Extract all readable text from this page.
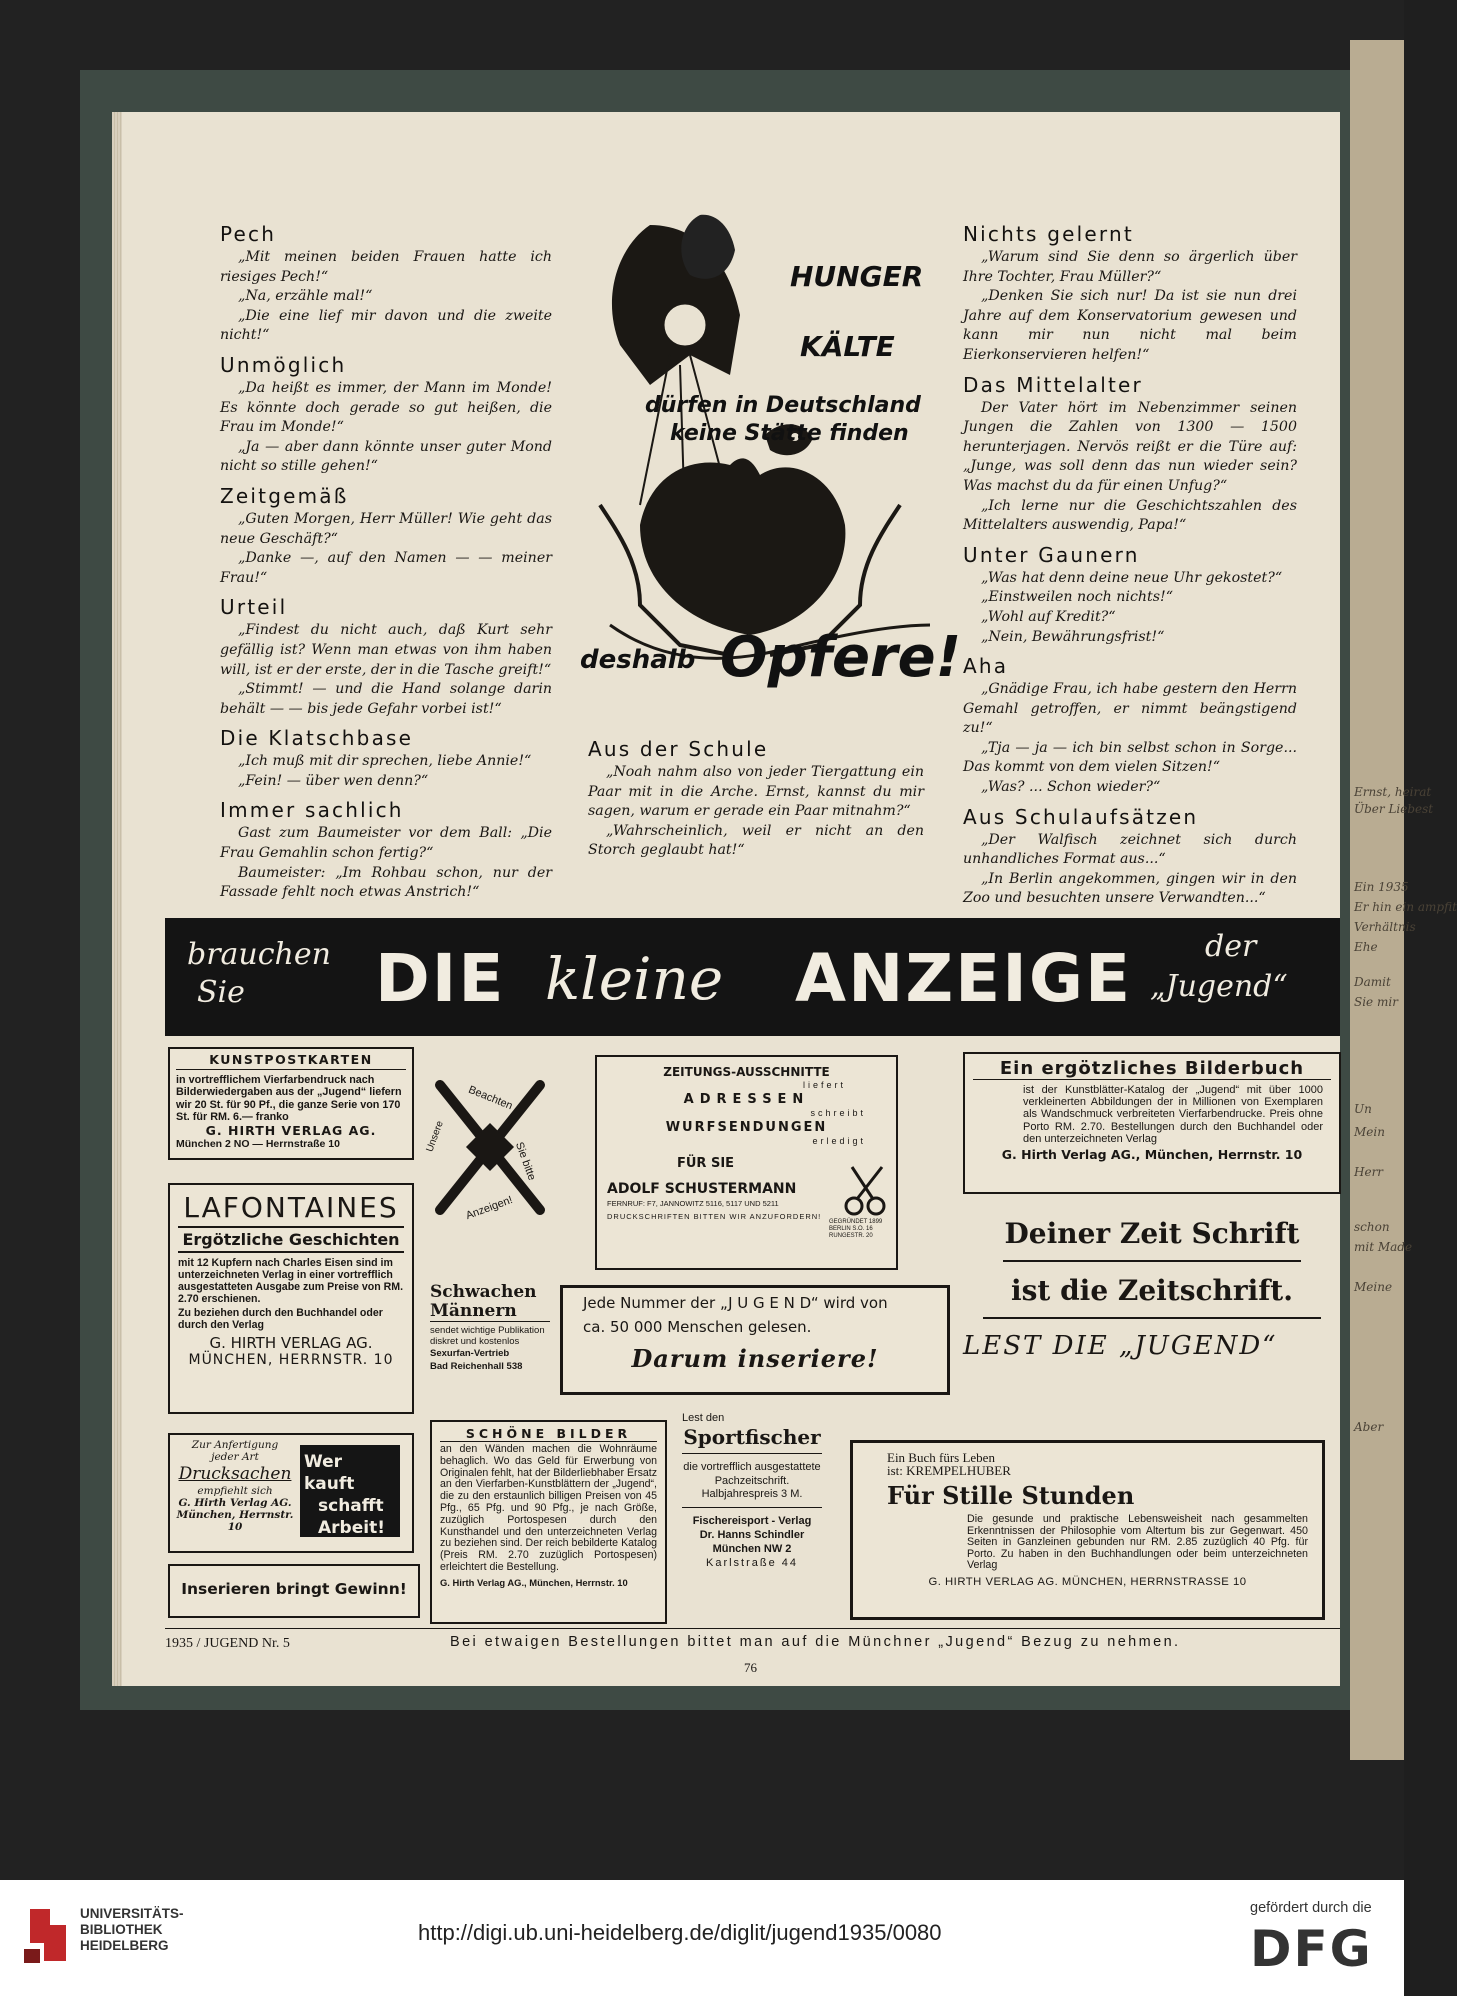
Ernst, heirat
Über Liebest
Ein 1935
Er hin ein ampfit
Verhältnis
Ehe
Damit
Sie mir
Un
Mein
Herr
schon
mit Made
Meine
Aber
Pech

„Mit meinen beiden Frauen hatte ich riesiges Pech!“

„Na, erzähle mal!“

„Die eine lief mir davon und die zweite nicht!“

Unmöglich

„Da heißt es immer, der Mann im Monde! Es könnte doch gerade so gut heißen, die Frau im Monde!“

„Ja — aber dann könnte unser guter Mond nicht so stille gehen!“

Zeitgemäß

„Guten Morgen, Herr Müller! Wie geht das neue Geschäft?“

„Danke —, auf den Namen — — meiner Frau!“

Urteil

„Findest du nicht auch, daß Kurt sehr gefällig ist? Wenn man etwas von ihm haben will, ist er der erste, der in die Tasche greift!“

„Stimmt! — und die Hand solange darin behält — — bis jede Gefahr vorbei ist!“

Die Klatschbase

„Ich muß mit dir sprechen, liebe Annie!“

„Fein! — über wen denn?“

Immer sachlich

Gast zum Baumeister vor dem Ball: „Die Frau Gemahlin schon fertig?“

Baumeister: „Im Rohbau schon, nur der Fassade fehlt noch etwas Anstrich!“

Aus der Schule

„Noah nahm also von jeder Tiergattung ein Paar mit in die Arche. Ernst, kannst du mir sagen, warum er gerade ein Paar mitnahm?“

„Wahrscheinlich, weil er nicht an den Storch geglaubt hat!“

Nichts gelernt

„Warum sind Sie denn so ärgerlich über Ihre Tochter, Frau Müller?“

„Denken Sie sich nur! Da ist sie nun drei Jahre auf dem Konservatorium gewesen und kann mir nun nicht mal beim Eierkonservieren helfen!“

Das Mittelalter

Der Vater hört im Nebenzimmer seinen Jungen die Zahlen von 1300 — 1500 herunterjagen. Nervös reißt er die Türe auf: „Junge, was soll denn das nun wieder sein? Was machst du da für einen Unfug?“

„Ich lerne nur die Geschichtszahlen des Mittelalters auswendig, Papa!“

Unter Gaunern

„Was hat denn deine neue Uhr gekostet?“

„Einstweilen noch nichts!“

„Wohl auf Kredit?“

„Nein, Bewährungsfrist!“

Aha

„Gnädige Frau, ich habe gestern den Herrn Gemahl getroffen, er nimmt beängstigend zu!“

„Tja — ja — ich bin selbst schon in Sorge... Das kommt von dem vielen Sitzen!“

„Was? ... Schon wieder?“

Aus Schulaufsätzen

„Der Walfisch zeichnet sich durch unhandliches Format aus...“

„In Berlin angekommen, gingen wir in den Zoo und besuchten unsere Verwandten...“

HUNGER
KÄLTE
dürfen in Deutschland
keine Stätte finden
deshalb Opfere!
brauchen
Sie DIE kleine ANZEIGE der
„Jugend“
KUNSTPOSTKARTEN
in vortrefflichem Vierfarbendruck nach Bilderwiedergaben aus der „Jugend“ liefern wir 20 St. für 90 Pf., die ganze Serie von 170 St. für RM. 6.— franko
G. HIRTH VERLAG AG.
München 2 NO — Herrnstraße 10
Beachten
Sie bitte
Unsere
Anzeigen!
ZEITUNGS-AUSSCHNITTE
liefert
ADRESSEN
schreibt
WURFSENDUNGEN
erledigt
FÜR SIE
ADOLF SCHUSTERMANN
FERNRUF: F7, JANNOWITZ 5116, 5117 UND 5211
DRUCKSCHRIFTEN BITTEN WIR ANZUFORDERN!
GEGRÜNDET 1899
BERLIN S.O. 16
RUNGESTR. 20
Ein ergötzliches Bilderbuch
ist der Kunstblätter-Katalog der „Jugend“ mit über 1000 verkleinerten Abbildungen der in Millionen von Exemplaren als Wandschmuck verbreiteten Vierfarbendrucke. Preis ohne Porto RM. 2.70. Bestellungen durch den Buchhandel oder den unterzeichneten Verlag
G. Hirth Verlag AG., München, Herrnstr. 10
Deiner Zeit Schrift
ist die Zeitschrift.
LEST DIE „JUGEND“
LAFONTAINES
Ergötzliche Geschichten
mit 12 Kupfern nach Charles Eisen sind im unterzeichneten Verlag in einer vortrefflich ausgestatteten Ausgabe zum Preise von RM. 2.70 erschienen.
Zu beziehen durch den Buchhandel oder durch den Verlag
G. HIRTH VERLAG AG.
MÜNCHEN, HERRNSTR. 10
Schwachen
Männern
sendet wichtige Publikation diskret und kostenlos
Sexurfan-Vertrieb
Bad Reichenhall 538
Jede Nummer der „J U G E N D“ wird von
ca. 50 000 Menschen gelesen.
Darum inseriere!
Zur Anfertigung
jeder Art
Drucksachen
empfiehlt sich
G. Hirth Verlag AG.
München, Herrnstr. 10
Wer kauft
schafft
Arbeit!
Inserieren bringt Gewinn!
SCHÖNE BILDER
an den Wänden machen die Wohnräume behaglich. Wo das Geld für Erwerbung von Originalen fehlt, hat der Bilderliebhaber Ersatz an den Vierfarben-Kunstblättern der „Jugend“, die zu den erstaunlich billigen Preisen von 45 Pfg., 65 Pfg. und 90 Pfg., je nach Größe, zuzüglich Portospesen durch den Kunsthandel und den unterzeichneten Verlag zu beziehen sind. Der reich bebilderte Katalog (Preis RM. 2.70 zuzüglich Portospesen) erleichtert die Bestellung.
G. Hirth Verlag AG., München, Herrnstr. 10
Lest den
Sportfischer
die vortrefflich ausgestattete Pachzeitschrift.
Halbjahrespreis 3 M.
Fischereisport - Verlag
Dr. Hanns Schindler
München NW 2
Karlstraße 44
Ein Buch fürs Leben
ist: KREMPELHUBER
Für Stille Stunden
Die gesunde und praktische Lebensweisheit nach gesammelten Erkenntnissen der Philosophie vom Altertum bis zur Gegenwart. 450 Seiten in Ganzleinen gebunden nur RM. 2.85 zuzüglich 40 Pfg. für Porto. Zu haben in den Buchhandlungen oder beim unterzeichneten Verlag
G. HIRTH VERLAG AG. MÜNCHEN, HERRNSTRASSE 10
1935 / JUGEND Nr. 5	Bei etwaigen Bestellungen bittet man auf die Münchner „Jugend“ Bezug zu nehmen.
76
UNIVERSITÄTS-
BIBLIOTHEK
HEIDELBERG
http://digi.ub.uni-heidelberg.de/diglit/jugend1935/0080
gefördert durch die
DFG
